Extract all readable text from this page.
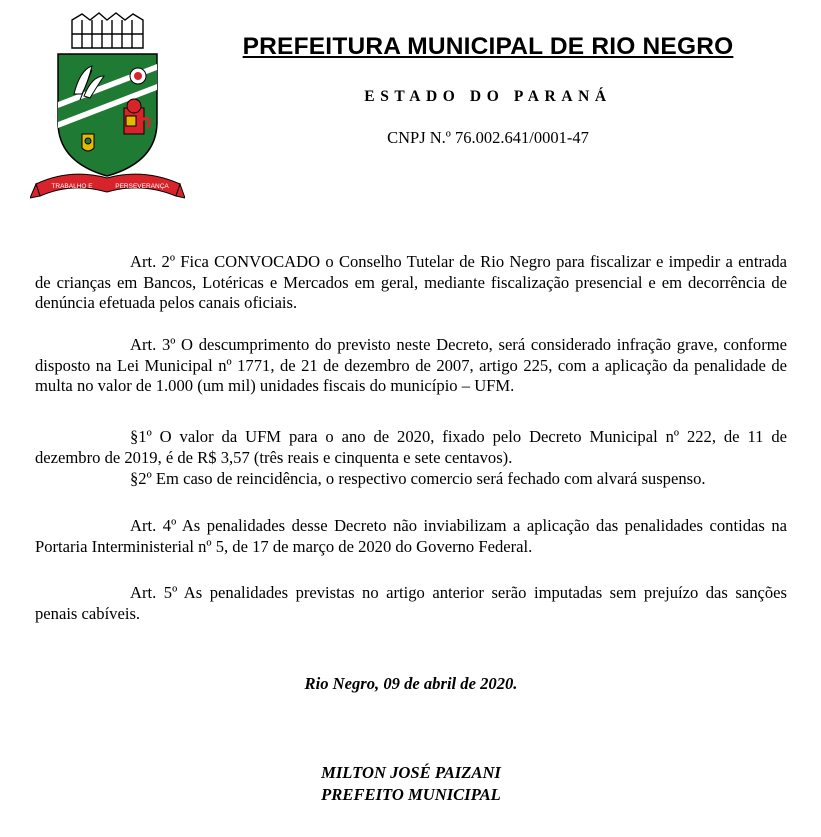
TRABALHO E	PERSEVERANÇA
PREFEITURA MUNICIPAL DE RIO NEGRO
ESTADO DO PARANÁ
CNPJ N.º 76.002.641/0001-47

Art. 2º Fica CONVOCADO o Conselho Tutelar de Rio Negro para fiscalizar e impedir a entrada de crianças em Bancos, Lotéricas e Mercados em geral, mediante fiscalização presencial e em decorrência de denúncia efetuada pelos canais oficiais.

Art. 3º O descumprimento do previsto neste Decreto, será considerado infração grave, conforme disposto na Lei Municipal nº 1771, de 21 de dezembro de 2007, artigo 225, com a aplicação da penalidade de multa no valor de 1.000 (um mil) unidades fiscais do município – UFM.

§1º O valor da UFM para o ano de 2020, fixado pelo Decreto Municipal nº 222, de 11 de dezembro de 2019, é de R$ 3,57 (três reais e cinquenta e sete centavos).

§2º Em caso de reincidência, o respectivo comercio será fechado com alvará suspenso.

Art. 4º As penalidades desse Decreto não inviabilizam a aplicação das penalidades contidas na Portaria Interministerial nº 5, de 17 de março de 2020 do Governo Federal.

Art. 5º As penalidades previstas no artigo anterior serão imputadas sem prejuízo das sanções penais cabíveis.

Rio Negro, 09 de abril de 2020.
MILTON JOSÉ PAIZANI
PREFEITO MUNICIPAL
